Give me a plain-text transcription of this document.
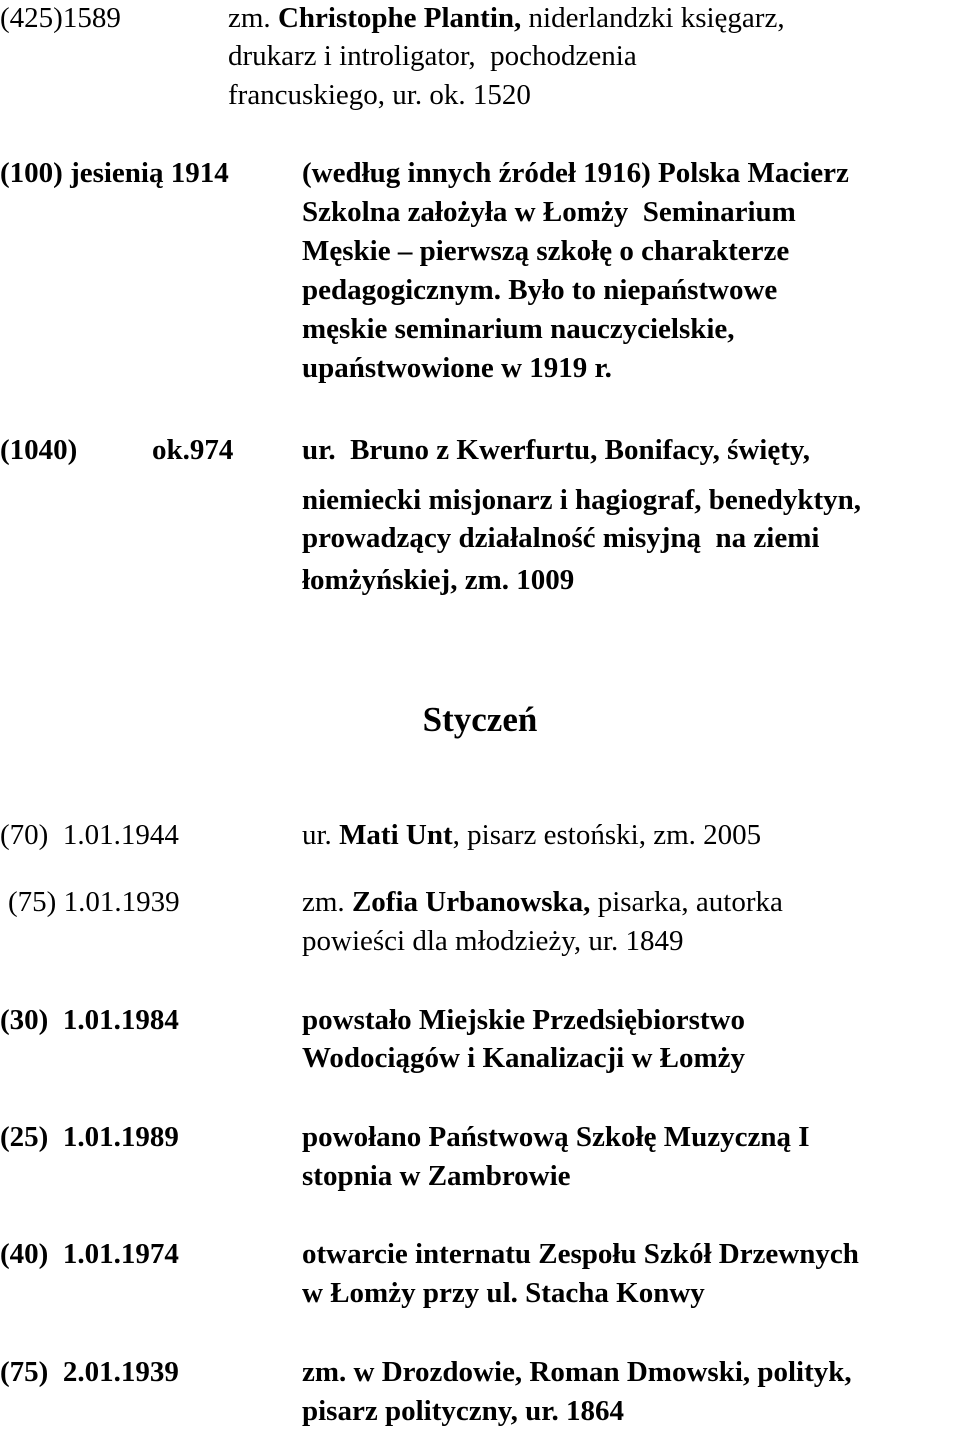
Styczeń
(425)1589	zm. Christophe Plantin, niderlandzki księgarz,
drukarz i introligator,  pochodzenia
francuskiego, ur. ok. 1520
(100) jesienią 1914	(według innych źródeł 1916) Polska Macierz
Szkolna założyła w Łomży  Seminarium
Męskie – pierwszą szkołę o charakterze
pedagogicznym. Było to niepaństwowe
męskie seminarium nauczycielskie,
upaństwowione w 1919 r.
(1040)	ok.974 ur.  Bruno z Kwerfurtu, Bonifacy, święty,
niemiecki misjonarz i hagiograf, benedyktyn,
prowadzący działalność misyjną  na ziemi
łomżyńskiej, zm. 1009
(70)  1.01.1944	ur. Mati Unt, pisarz estoński, zm. 2005
(75) 1.01.1939	zm. Zofia Urbanowska, pisarka, autorka
powieści dla młodzieży, ur. 1849
(30)  1.01.1984	powstało Miejskie Przedsiębiorstwo
Wodociągów i Kanalizacji w Łomży
(25)  1.01.1989	powołano Państwową Szkołę Muzyczną I
stopnia w Zambrowie
(40)  1.01.1974	otwarcie internatu Zespołu Szkół Drzewnych
w Łomży przy ul. Stacha Konwy
(75)  2.01.1939	zm. w Drozdowie, Roman Dmowski, polityk,
pisarz polityczny, ur. 1864
